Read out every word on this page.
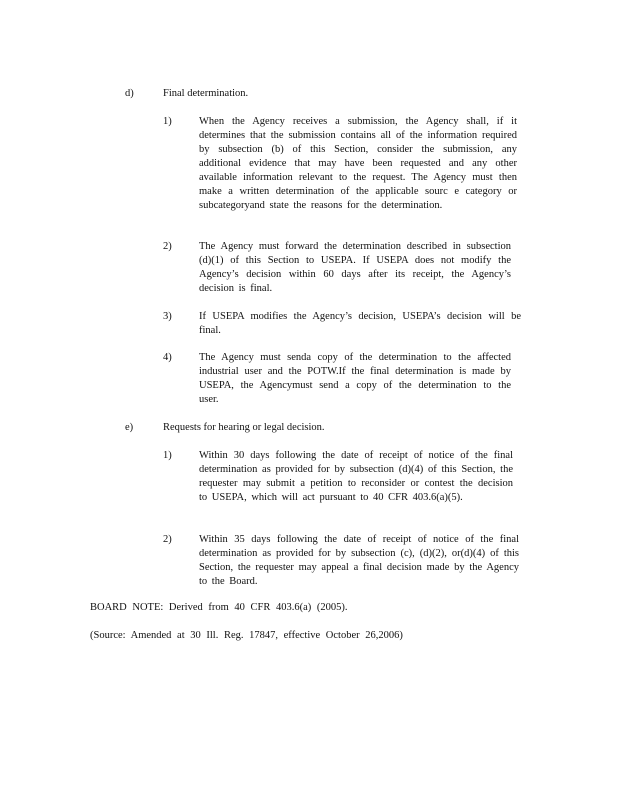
d)	Final determination.
1)	When the Agency receives a submission, the Agency shall, if it determines that the submission contains all of the information required by subsection (b) of this Section, consider the submission, any additional evidence that may have been requested and any other available information relevant to the request. The Agency must then make a written determination of the applicable sourc e category or subcategoryand state the reasons for the determination.
2)	The Agency must forward the determination described in subsection (d)(1) of this Section to USEPA. If USEPA does not modify the Agency’s decision within 60 days after its receipt, the Agency’s decision is final.
3)	If USEPA modifies the Agency’s decision, USEPA’s decision will be final.
4)	The Agency must senda copy of the determination to the affected industrial user and the POTW.If the final determination is made by USEPA, the Agencymust send a copy of the determination to the user.
e)	Requests for hearing or legal decision.
1)	Within 30 days following the date of receipt of notice of the final determination as provided for by subsection (d)(4) of this Section, the requester may submit a petition to reconsider or contest the decision to USEPA, which will act pursuant to 40 CFR 403.6(a)(5).
2)	Within 35 days following the date of receipt of notice of the final determination as provided for by subsection (c), (d)(2), or(d)(4) of this Section, the requester may appeal a final decision made by the Agency to the Board.
BOARD NOTE: Derived from 40 CFR 403.6(a) (2005).
(Source: Amended at 30 Ill. Reg. 17847, effective October 26,2006)
